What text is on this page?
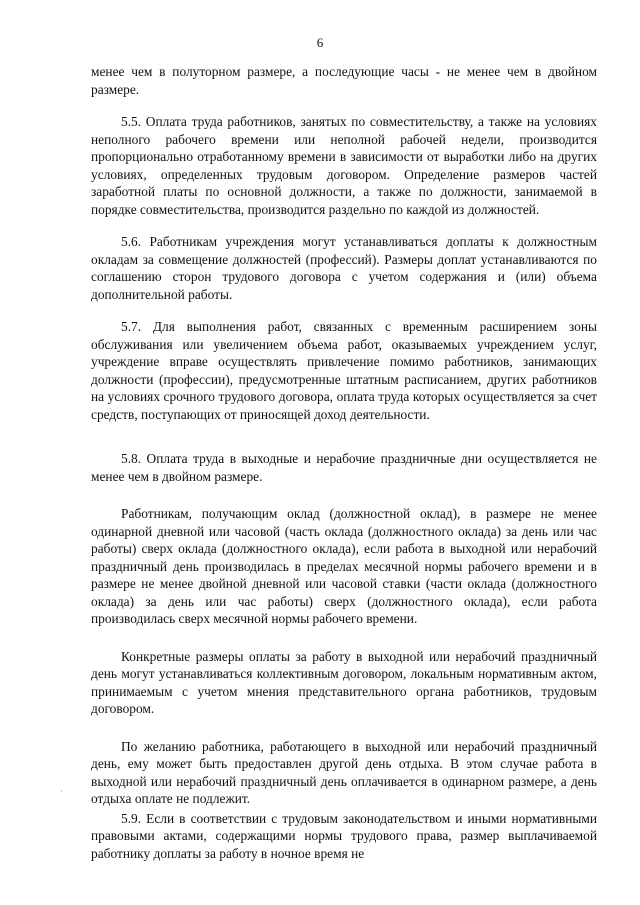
6

менее чем в полуторном размере, а последующие часы - не менее чем в двойном размере.

5.5. Оплата труда работников, занятых по совместительству, а также на условиях неполного рабочего времени или неполной рабочей недели, производится пропорционально отработанному времени в зависимости от выработки либо на других условиях, определенных трудовым договором. Определение размеров частей заработной платы по основной должности, а также по должности, занимаемой в порядке совместительства, производится раздельно по каждой из должностей.

5.6. Работникам учреждения могут устанавливаться доплаты к должностным окладам за совмещение должностей (профессий). Размеры доплат устанавливаются по соглашению сторон трудового договора с учетом содержания и (или) объема дополнительной работы.

5.7. Для выполнения работ, связанных с временным расширением зоны обслуживания или увеличением объема работ, оказываемых учреждением услуг, учреждение вправе осуществлять привлечение помимо работников, занимающих должности (профессии), предусмотренные штатным расписанием, других работников на условиях срочного трудового договора, оплата труда которых осуществляется за счет средств, поступающих от приносящей доход деятельности.

5.8. Оплата труда в выходные и нерабочие праздничные дни осуществляется не менее чем в двойном размере.

Работникам, получающим оклад (должностной оклад), в размере не менее одинарной дневной или часовой (часть оклада (должностного оклада) за день или час работы) сверх оклада (должностного оклада), если работа в выходной или нерабочий праздничный день производилась в пределах месячной нормы рабочего времени и в размере не менее двойной дневной или часовой ставки (части оклада (должностного оклада) за день или час работы) сверх (должностного оклада), если работа производилась сверх месячной нормы рабочего времени.

Конкретные размеры оплаты за работу в выходной или нерабочий праздничный день могут устанавливаться коллективным договором, локальным нормативным актом, принимаемым с учетом мнения представительного органа работников, трудовым договором.

По желанию работника, работающего в выходной или нерабочий праздничный день, ему может быть предоставлен другой день отдыха. В этом случае работа в выходной или нерабочий праздничный день оплачивается в одинарном размере, а день отдыха оплате не подлежит.

5.9. Если в соответствии с трудовым законодательством и иными нормативными правовыми актами, содержащими нормы трудового права, размер выплачиваемой работнику доплаты за работу в ночное время не

·
